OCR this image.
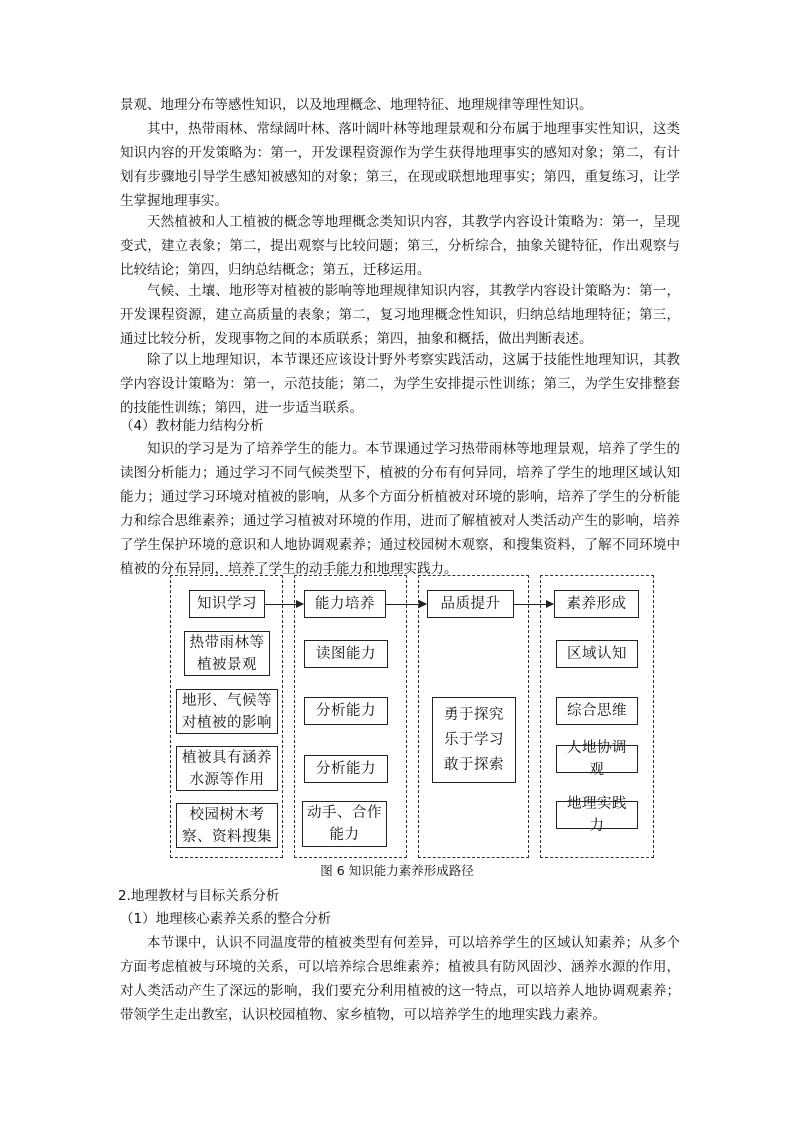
景观、地理分布等感性知识，以及地理概念、地理特征、地理规律等理性知识。

其中，热带雨林、常绿阔叶林、落叶阔叶林等地理景观和分布属于地理事实性知识，这类知识内容的开发策略为：第一，开发课程资源作为学生获得地理事实的感知对象；第二，有计划有步骤地引导学生感知被感知的对象；第三，在现或联想地理事实；第四，重复练习，让学生掌握地理事实。

天然植被和人工植被的概念等地理概念类知识内容，其教学内容设计策略为：第一，呈现变式，建立表象；第二，提出观察与比较问题；第三，分析综合，抽象关键特征，作出观察与比较结论；第四，归纳总结概念；第五，迁移运用。

气候、土壤、地形等对植被的影响等地理规律知识内容，其教学内容设计策略为：第一，开发课程资源，建立高质量的表象；第二，复习地理概念性知识，归纳总结地理特征；第三，通过比较分析，发现事物之间的本质联系；第四，抽象和概括，做出判断表述。

除了以上地理知识，本节课还应该设计野外考察实践活动，这属于技能性地理知识，其教学内容设计策略为：第一，示范技能；第二，为学生安排提示性训练；第三，为学生安排整套的技能性训练；第四，进一步适当联系。

（4）教材能力结构分析

知识的学习是为了培养学生的能力。本节课通过学习热带雨林等地理景观，培养了学生的读图分析能力；通过学习不同气候类型下，植被的分布有何异同，培养了学生的地理区域认知能力；通过学习环境对植被的影响，从多个方面分析植被对环境的影响，培养了学生的分析能力和综合思维素养；通过学习植被对环境的作用，进而了解植被对人类活动产生的影响，培养了学生保护环境的意识和人地协调观素养；通过校园树木观察，和搜集资料，了解不同环境中植被的分布异同，培养了学生的动手能力和地理实践力。

知识学习	能力培养	品质提升	素养形成
热带雨林等植被景观
地形、气候等对植被的影响
植被具有涵养水源等作用
校园树木考察、资料搜集
读图能力
分析能力
分析能力
动手、合作能力
勇于探究乐于学习敢于探索
区域认知
综合思维
人地协调观
地理实践力

图 6 知识能力素养形成路径

2.地理教材与目标关系分析

（1）地理核心素养关系的整合分析

本节课中，认识不同温度带的植被类型有何差异，可以培养学生的区域认知素养；从多个方面考虑植被与环境的关系，可以培养综合思维素养；植被具有防风固沙、涵养水源的作用，对人类活动产生了深远的影响，我们要充分利用植被的这一特点，可以培养人地协调观素养；带领学生走出教室，认识校园植物、家乡植物，可以培养学生的地理实践力素养。
